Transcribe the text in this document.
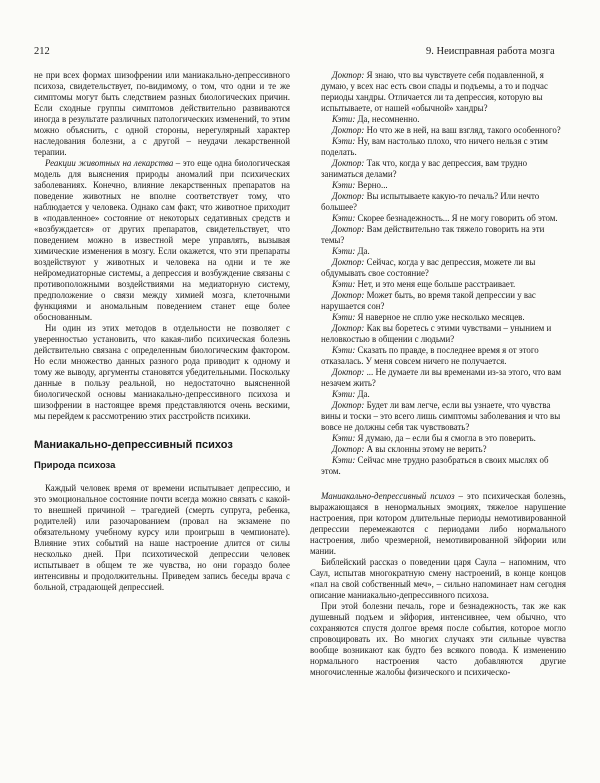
212	9. Неисправная работа мозга

не при всех формах шизофрении или маниакально-депрессивного психоза, свидетельствует, по-видимому, о том, что одни и те же симптомы могут быть следствием разных биологических причин. Если сходные группы симптомов действительно развиваются иногда в результате различных патологических изменений, то этим можно объяснить, с одной стороны, нерегулярный характер наследования болезни, а с другой – неудачи лекарственной терапии.

Реакции животных на лекарства – это еще одна биологическая модель для выяснения природы аномалий при психических заболеваниях. Конечно, влияние лекарственных препаратов на поведение животных не вполне соответствует тому, что наблюдается у человека. Однако сам факт, что животное приходит в «подавленное» состояние от некоторых седативных средств и «возбуждается» от других препаратов, свидетельствует, что поведением можно в известной мере управлять, вызывая химические изменения в мозгу. Если окажется, что эти препараты воздействуют у животных и человека на одни и те же нейромедиаторные системы, а депрессия и возбуждение связаны с противоположными воздействиями на медиаторную систему, предположение о связи между химией мозга, клеточными функциями и аномальным поведением станет еще более обоснованным.

Ни один из этих методов в отдельности не позволяет с уверенностью установить, что какая-либо психическая болезнь действительно связана с определенным биологическим фактором. Но если множество данных разного рода приводит к одному и тому же выводу, аргументы становятся убедительными. Поскольку данные в пользу реальной, но недостаточно выясненной биологической основы маниакально-депрессивного психоза и шизофрении в настоящее время представляются очень вескими, мы перейдем к рассмотрению этих расстройств психики.

Маниакально-депрессивный психоз
Природа психоза

Каждый человек время от времени испытывает депрессию, и это эмоциональное состояние почти всегда можно связать с какой-то внешней причиной – трагедией (смерть супруга, ребенка, родителей) или разочарованием (провал на экзамене по обязательному учебному курсу или проигрыш в чемпионате). Влияние этих событий на наше настроение длится от силы несколько дней. При психотической депрессии человек испытывает в общем те же чувства, но они гораздо более интенсивны и продолжительны. Приведем запись беседы врача с больной, страдающей депрессией.

Доктор: Я знаю, что вы чувствуете себя подавленной, я думаю, у всех нас есть свои спады и подъемы, а то и подчас периоды хандры. Отличается ли та депрессия, которую вы испытываете, от нашей «обычной» хандры?

Кэти: Да, несомненно.

Доктор: Но что же в ней, на ваш взгляд, такого особенного?

Кэти: Ну, вам настолько плохо, что ничего нельзя с этим поделать.

Доктор: Так что, когда у вас депрессия, вам трудно заниматься делами?

Кэти: Верно...

Доктор: Вы испытываете какую-то печаль? Или нечто большее?

Кэти: Скорее безнадежность... Я не могу говорить об этом.

Доктор: Вам действительно так тяжело говорить на эти темы?

Кэти: Да.

Доктор: Сейчас, когда у вас депрессия, можете ли вы обдумывать свое состояние?

Кэти: Нет, и это меня еще больше расстраивает.

Доктор: Может быть, во время такой депрессии у вас нарушается сон?

Кэти: Я наверное не сплю уже несколько месяцев.

Доктор: Как вы боретесь с этими чувствами – унынием и неловкостью в общении с людьми?

Кэти: Сказать по правде, в последнее время я от этого отказалась. У меня совсем ничего не получается.

Доктор: ... Не думаете ли вы временами из-за этого, что вам незачем жить?

Кэти: Да.

Доктор: Будет ли вам легче, если вы узнаете, что чувства вины и тоски – это всего лишь симптомы заболевания и что вы вовсе не должны себя так чувствовать?

Кэти: Я думаю, да – если бы я смогла в это поверить.

Доктор: А вы склонны этому не верить?

Кэти: Сейчас мне трудно разобраться в своих мыслях об этом.

Маниакально-депрессивный психоз – это психическая болезнь, выражающаяся в ненормальных эмоциях, тяжелое нарушение настроения, при котором длительные периоды немотивированной депрессии перемежаются с периодами либо нормального настроения, либо чрезмерной, немотивированной эйфории или мании.

Библейский рассказ о поведении царя Саула – напомним, что Саул, испытав многократную смену настроений, в конце концов «пал на свой собственный меч», – сильно напоминает нам сегодня описание маниакально-депрессивного психоза.

При этой болезни печаль, горе и безнадежность, так же как душевный подъем и эйфория, интенсивнее, чем обычно, что сохраняются спустя долгое время после события, которое могло спровоцировать их. Во многих случаях эти сильные чувства вообще возникают как будто без всякого повода. К изменению нормального настроения часто добавляются другие многочисленные жалобы физического и психическо-
